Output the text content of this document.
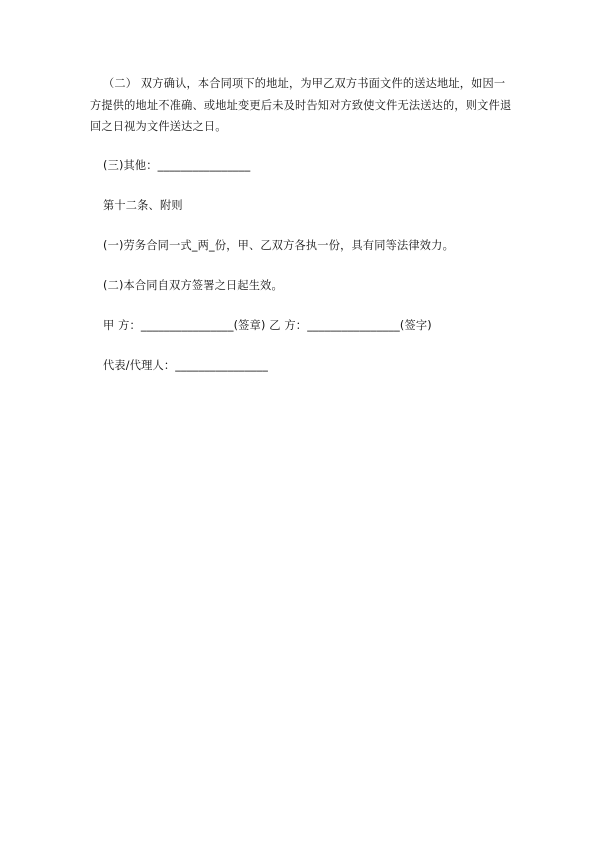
（二） 双方确认，本合同项下的地址，为甲乙双方书面文件的送达地址，如因一
方提供的地址不准确、或地址变更后未及时告知对方致使文件无法送达的，则文件退
回之日视为文件送达之日。
(三)其他：________________
第十二条、附则
(一)劳务合同一式_两_份，甲、乙双方各执一份，具有同等法律效力。
(二)本合同自双方签署之日起生效。
甲 方：________________(签章) 乙 方：________________(签字)
代表/代理人：________________
